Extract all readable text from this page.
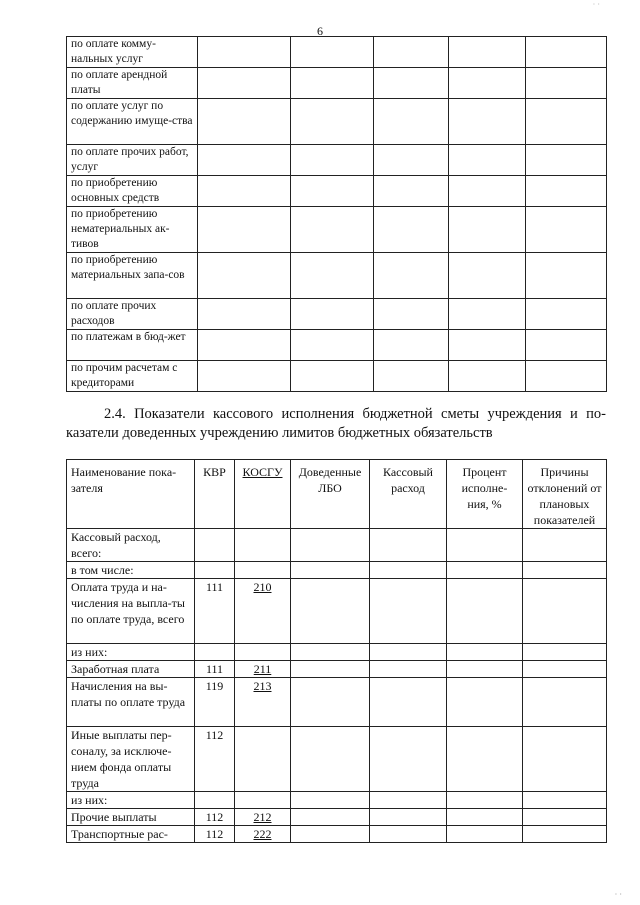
· ·
6
по оплате комму-нальных услуг					
по оплате арендной платы					
по оплате услуг по содержанию имуще-ства					
по оплате прочих работ, услуг					
по приобретению основных средств					
по приобретению нематериальных ак-тивов					
по приобретению материальных запа-сов					
по оплате прочих расходов					
по платежам в бюд-жет					
по прочим расчетам с кредиторами					
2.4. Показатели кассового исполнения бюджетной сметы учреждения и по-казатели доведенных учреждению лимитов бюджетных обязательств
Наименование пока-зателя	КВР	КОСГУ	Доведенные ЛБО	Кассовый расход	Процент исполне-ния, %	Причины отклонений от плановых показателей
Кассовый расход, всего:						
в том числе:						
Оплата труда и на-числения на выпла-ты по оплате труда, всего	111	210				
из них:						
Заработная плата	111	211				
Начисления на вы-платы по оплате труда	119	213				
Иные выплаты пер-соналу, за исключе-нием фонда оплаты труда	112					
из них:						
Прочие выплаты	112	212				
Транспортные рас-	112	222				
· ·
